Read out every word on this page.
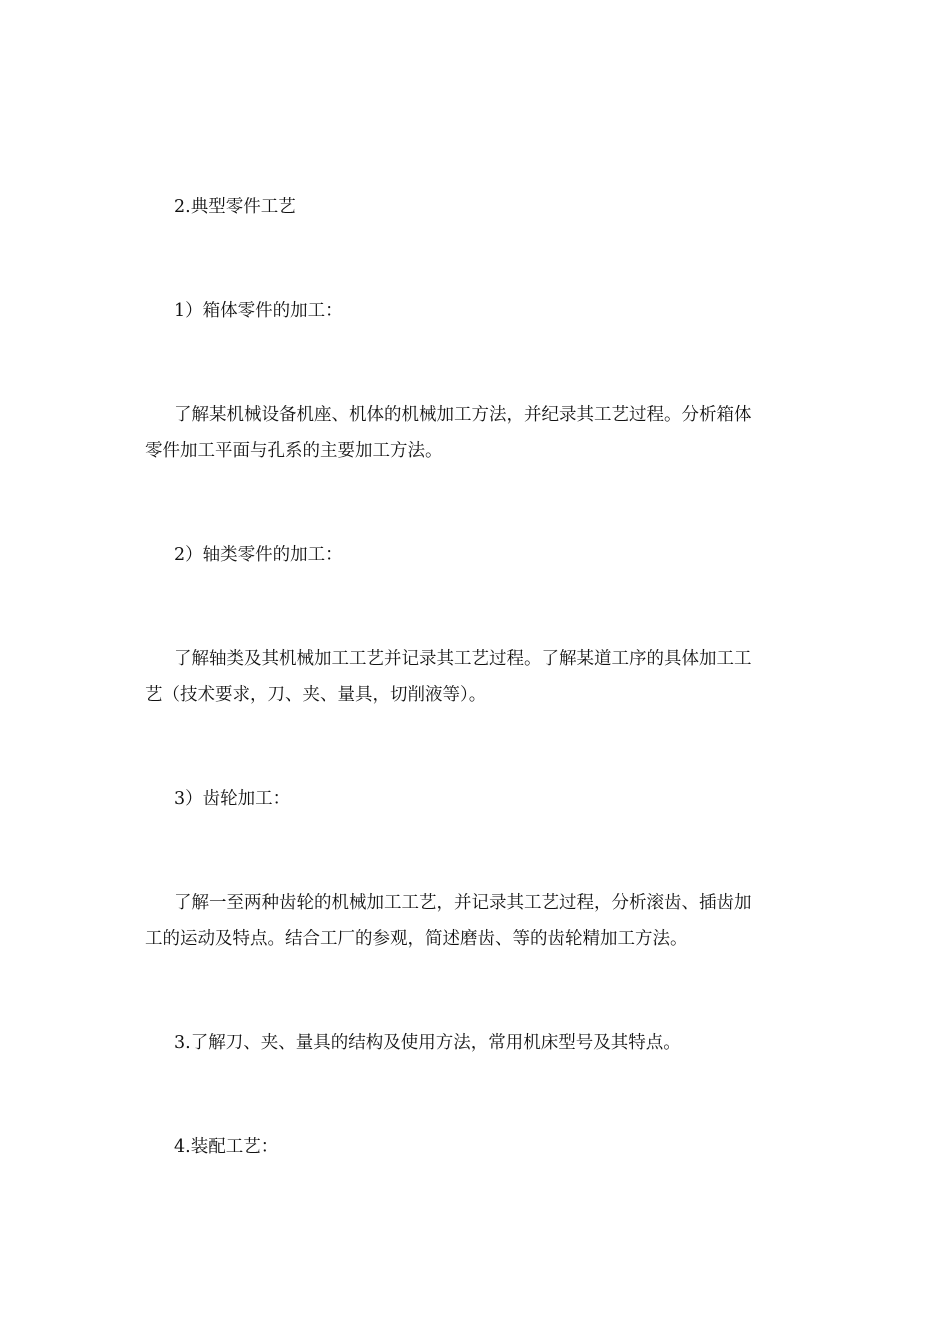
2.典型零件工艺
1）箱体零件的加工：
了解某机械设备机座、机体的机械加工方法，并纪录其工艺过程。分析箱体
零件加工平面与孔系的主要加工方法。
2）轴类零件的加工：
了解轴类及其机械加工工艺并记录其工艺过程。了解某道工序的具体加工工
艺（技术要求，刀、夹、量具，切削液等）。
3）齿轮加工：
了解一至两种齿轮的机械加工工艺，并记录其工艺过程，分析滚齿、插齿加
工的运动及特点。结合工厂的参观，简述磨齿、等的齿轮精加工方法。
3.了解刀、夹、量具的结构及使用方法，常用机床型号及其特点。
4.装配工艺：
